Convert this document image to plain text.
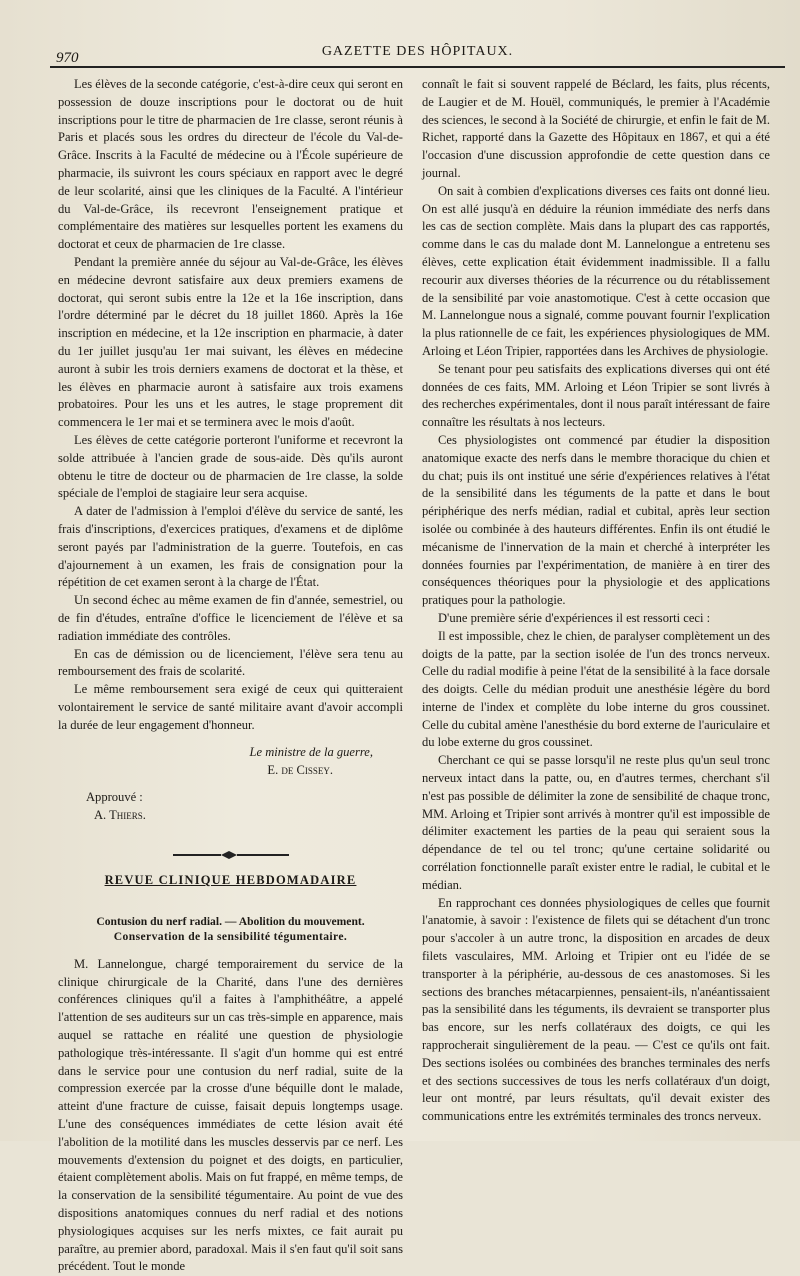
970	GAZETTE DES HÔPITAUX.

Les élèves de la seconde catégorie, c'est-à-dire ceux qui seront en possession de douze inscriptions pour le doctorat ou de huit inscriptions pour le titre de pharmacien de 1re classe, seront réunis à Paris et placés sous les ordres du directeur de l'école du Val-de-Grâce. Inscrits à la Faculté de médecine ou à l'École supérieure de pharmacie, ils suivront les cours spéciaux en rapport avec le degré de leur scolarité, ainsi que les cliniques de la Faculté. A l'intérieur du Val-de-Grâce, ils recevront l'enseignement pratique et complémentaire des matières sur lesquelles portent les examens du doctorat et ceux de pharmacien de 1re classe.

Pendant la première année du séjour au Val-de-Grâce, les élèves en médecine devront satisfaire aux deux premiers examens de doctorat, qui seront subis entre la 12e et la 16e inscription, dans l'ordre déterminé par le décret du 18 juillet 1860. Après la 16e inscription en médecine, et la 12e inscription en pharmacie, à dater du 1er juillet jusqu'au 1er mai suivant, les élèves en médecine auront à subir les trois derniers examens de doctorat et la thèse, et les élèves en pharmacie auront à satisfaire aux trois examens probatoires. Pour les uns et les autres, le stage proprement dit commencera le 1er mai et se terminera avec le mois d'août.

Les élèves de cette catégorie porteront l'uniforme et recevront la solde attribuée à l'ancien grade de sous-aide. Dès qu'ils auront obtenu le titre de docteur ou de pharmacien de 1re classe, la solde spéciale de l'emploi de stagiaire leur sera acquise.

A dater de l'admission à l'emploi d'élève du service de santé, les frais d'inscriptions, d'exercices pratiques, d'examens et de diplôme seront payés par l'administration de la guerre. Toutefois, en cas d'ajournement à un examen, les frais de consignation pour la répétition de cet examen seront à la charge de l'État.

Un second échec au même examen de fin d'année, semestriel, ou de fin d'études, entraîne d'office le licenciement de l'élève et sa radiation immédiate des contrôles.

En cas de démission ou de licenciement, l'élève sera tenu au remboursement des frais de scolarité.

Le même remboursement sera exigé de ceux qui quitteraient volontairement le service de santé militaire avant d'avoir accompli la durée de leur engagement d'honneur.

Le ministre de la guerre,
E. de Cissey.
Approuvé :
A. Thiers.
REVUE CLINIQUE HEBDOMADAIRE
Contusion du nerf radial. — Abolition du mouvement.
Conservation de la sensibilité tégumentaire.

M. Lannelongue, chargé temporairement du service de la clinique chirurgicale de la Charité, dans l'une des dernières conférences cliniques qu'il a faites à l'amphithéâtre, a appelé l'attention de ses auditeurs sur un cas très-simple en apparence, mais auquel se rattache en réalité une question de physiologie pathologique très-intéressante. Il s'agit d'un homme qui est entré dans le service pour une contusion du nerf radial, suite de la compression exercée par la crosse d'une béquille dont le malade, atteint d'une fracture de cuisse, faisait depuis longtemps usage. L'une des conséquences immédiates de cette lésion avait été l'abolition de la motilité dans les muscles desservis par ce nerf. Les mouvements d'extension du poignet et des doigts, en particulier, étaient complètement abolis. Mais on fut frappé, en même temps, de la conservation de la sensibilité tégumentaire. Au point de vue des dispositions anatomiques connues du nerf radial et des notions physiologiques acquises sur les nerfs mixtes, ce fait aurait pu paraître, au premier abord, paradoxal. Mais il s'en faut qu'il soit sans précédent. Tout le monde

connaît le fait si souvent rappelé de Béclard, les faits, plus récents, de Laugier et de M. Houël, communiqués, le premier à l'Académie des sciences, le second à la Société de chirurgie, et enfin le fait de M. Richet, rapporté dans la Gazette des Hôpitaux en 1867, et qui a été l'occasion d'une discussion approfondie de cette question dans ce journal.

On sait à combien d'explications diverses ces faits ont donné lieu. On est allé jusqu'à en déduire la réunion immédiate des nerfs dans les cas de section complète. Mais dans la plupart des cas rapportés, comme dans le cas du malade dont M. Lannelongue a entretenu ses élèves, cette explication était évidemment inadmissible. Il a fallu recourir aux diverses théories de la récurrence ou du rétablissement de la sensibilité par voie anastomotique. C'est à cette occasion que M. Lannelongue nous a signalé, comme pouvant fournir l'explication la plus rationnelle de ce fait, les expériences physiologiques de MM. Arloing et Léon Tripier, rapportées dans les Archives de physiologie.

Se tenant pour peu satisfaits des explications diverses qui ont été données de ces faits, MM. Arloing et Léon Tripier se sont livrés à des recherches expérimentales, dont il nous paraît intéressant de faire connaître les résultats à nos lecteurs.

Ces physiologistes ont commencé par étudier la disposition anatomique exacte des nerfs dans le membre thoracique du chien et du chat; puis ils ont institué une série d'expériences relatives à l'état de la sensibilité dans les téguments de la patte et dans le bout périphérique des nerfs médian, radial et cubital, après leur section isolée ou combinée à des hauteurs différentes. Enfin ils ont étudié le mécanisme de l'innervation de la main et cherché à interpréter les données fournies par l'expérimentation, de manière à en tirer des conséquences théoriques pour la physiologie et des applications pratiques pour la pathologie.

D'une première série d'expériences il est ressorti ceci :

Il est impossible, chez le chien, de paralyser complètement un des doigts de la patte, par la section isolée de l'un des troncs nerveux. Celle du radial modifie à peine l'état de la sensibilité à la face dorsale des doigts. Celle du médian produit une anesthésie légère du bord interne de l'index et complète du lobe interne du gros coussinet. Celle du cubital amène l'anesthésie du bord externe de l'auriculaire et du lobe externe du gros coussinet.

Cherchant ce qui se passe lorsqu'il ne reste plus qu'un seul tronc nerveux intact dans la patte, ou, en d'autres termes, cherchant s'il n'est pas possible de délimiter la zone de sensibilité de chaque tronc, MM. Arloing et Tripier sont arrivés à montrer qu'il est impossible de délimiter exactement les parties de la peau qui seraient sous la dépendance de tel ou tel tronc; qu'une certaine solidarité ou corrélation fonctionnelle paraît exister entre le radial, le cubital et le médian.

En rapprochant ces données physiologiques de celles que fournit l'anatomie, à savoir : l'existence de filets qui se détachent d'un tronc pour s'accoler à un autre tronc, la disposition en arcades de deux filets vasculaires, MM. Arloing et Tripier ont eu l'idée de se transporter à la périphérie, au-dessous de ces anastomoses. Si les sections des branches métacarpiennes, pensaient-ils, n'anéantissaient pas la sensibilité dans les téguments, ils devraient se transporter plus bas encore, sur les nerfs collatéraux des doigts, ce qui les rapprocherait singulièrement de la peau. — C'est ce qu'ils ont fait. Des sections isolées ou combinées des branches terminales des nerfs et des sections successives de tous les nerfs collatéraux d'un doigt, leur ont montré, par leurs résultats, qu'il devait exister des communications entre les extrémités terminales des troncs nerveux.
